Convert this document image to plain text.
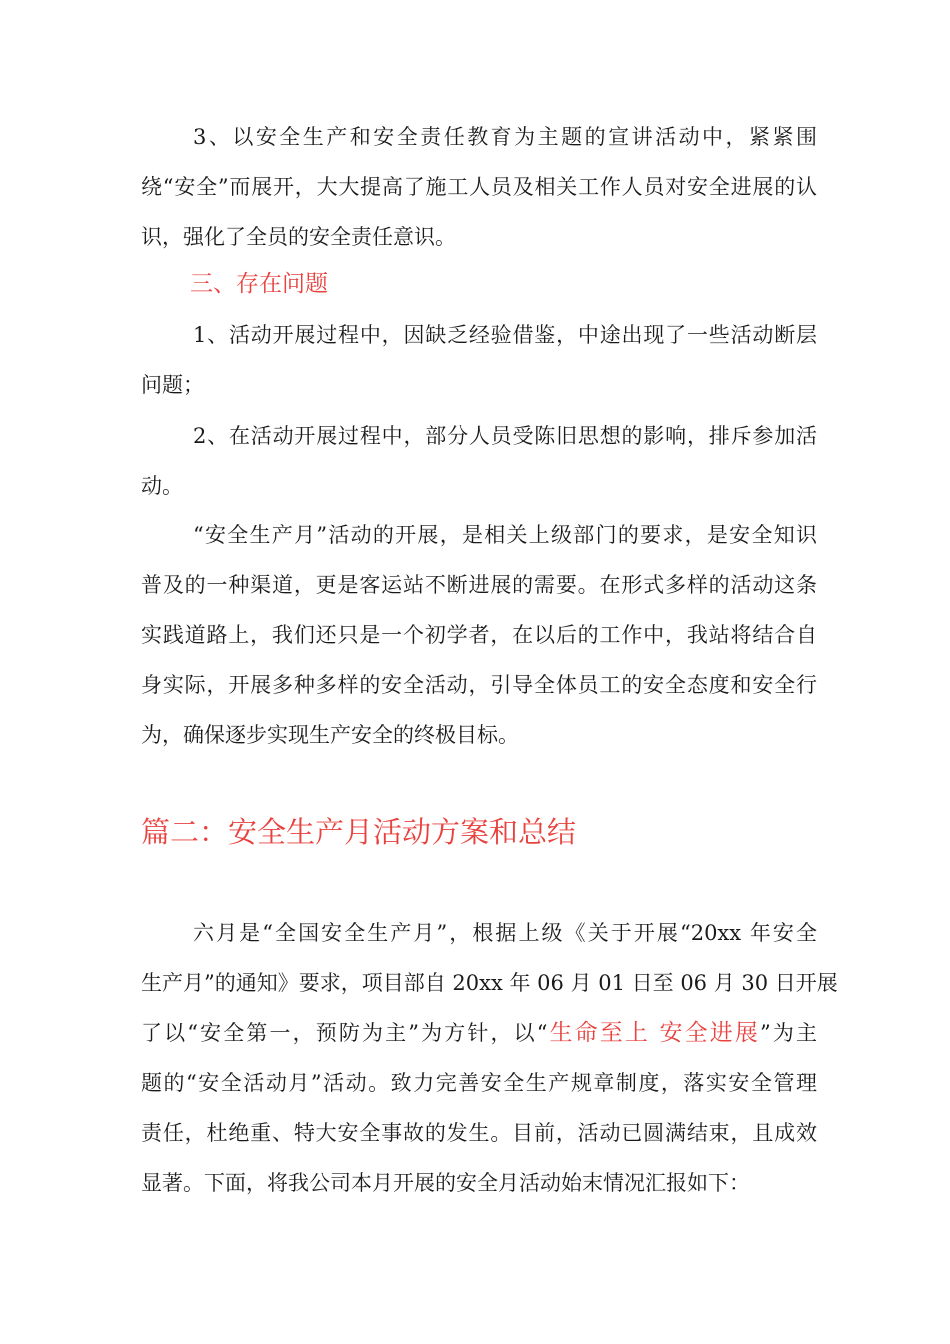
3、以安全生产和安全责任教育为主题的宣讲活动中，紧紧围
绕“安全”而展开，大大提高了施工人员及相关工作人员对安全进展的认
识，强化了全员的安全责任意识。
三、存在问题
1、活动开展过程中，因缺乏经验借鉴，中途出现了一些活动断层
问题；
2、在活动开展过程中，部分人员受陈旧思想的影响，排斥参加活
动。
“安全生产月”活动的开展，是相关上级部门的要求，是安全知识
普及的一种渠道，更是客运站不断进展的需要。在形式多样的活动这条
实践道路上，我们还只是一个初学者，在以后的工作中，我站将结合自
身实际，开展多种多样的安全活动，引导全体员工的安全态度和安全行
为，确保逐步实现生产安全的终极目标。
篇二：安全生产月活动方案和总结
六月是“全国安全生产月”，根据上级《关于开展“20xx 年安全
生产月”的通知》要求，项目部自 20xx 年 06 月 01 日至 06 月 30 日开展
了以“安全第一，预防为主”为方针，以“生命至上 安全进展”为主
题的“安全活动月”活动。致力完善安全生产规章制度，落实安全管理
责任，杜绝重、特大安全事故的发生。目前，活动已圆满结束，且成效
显著。下面，将我公司本月开展的安全月活动始末情况汇报如下：
